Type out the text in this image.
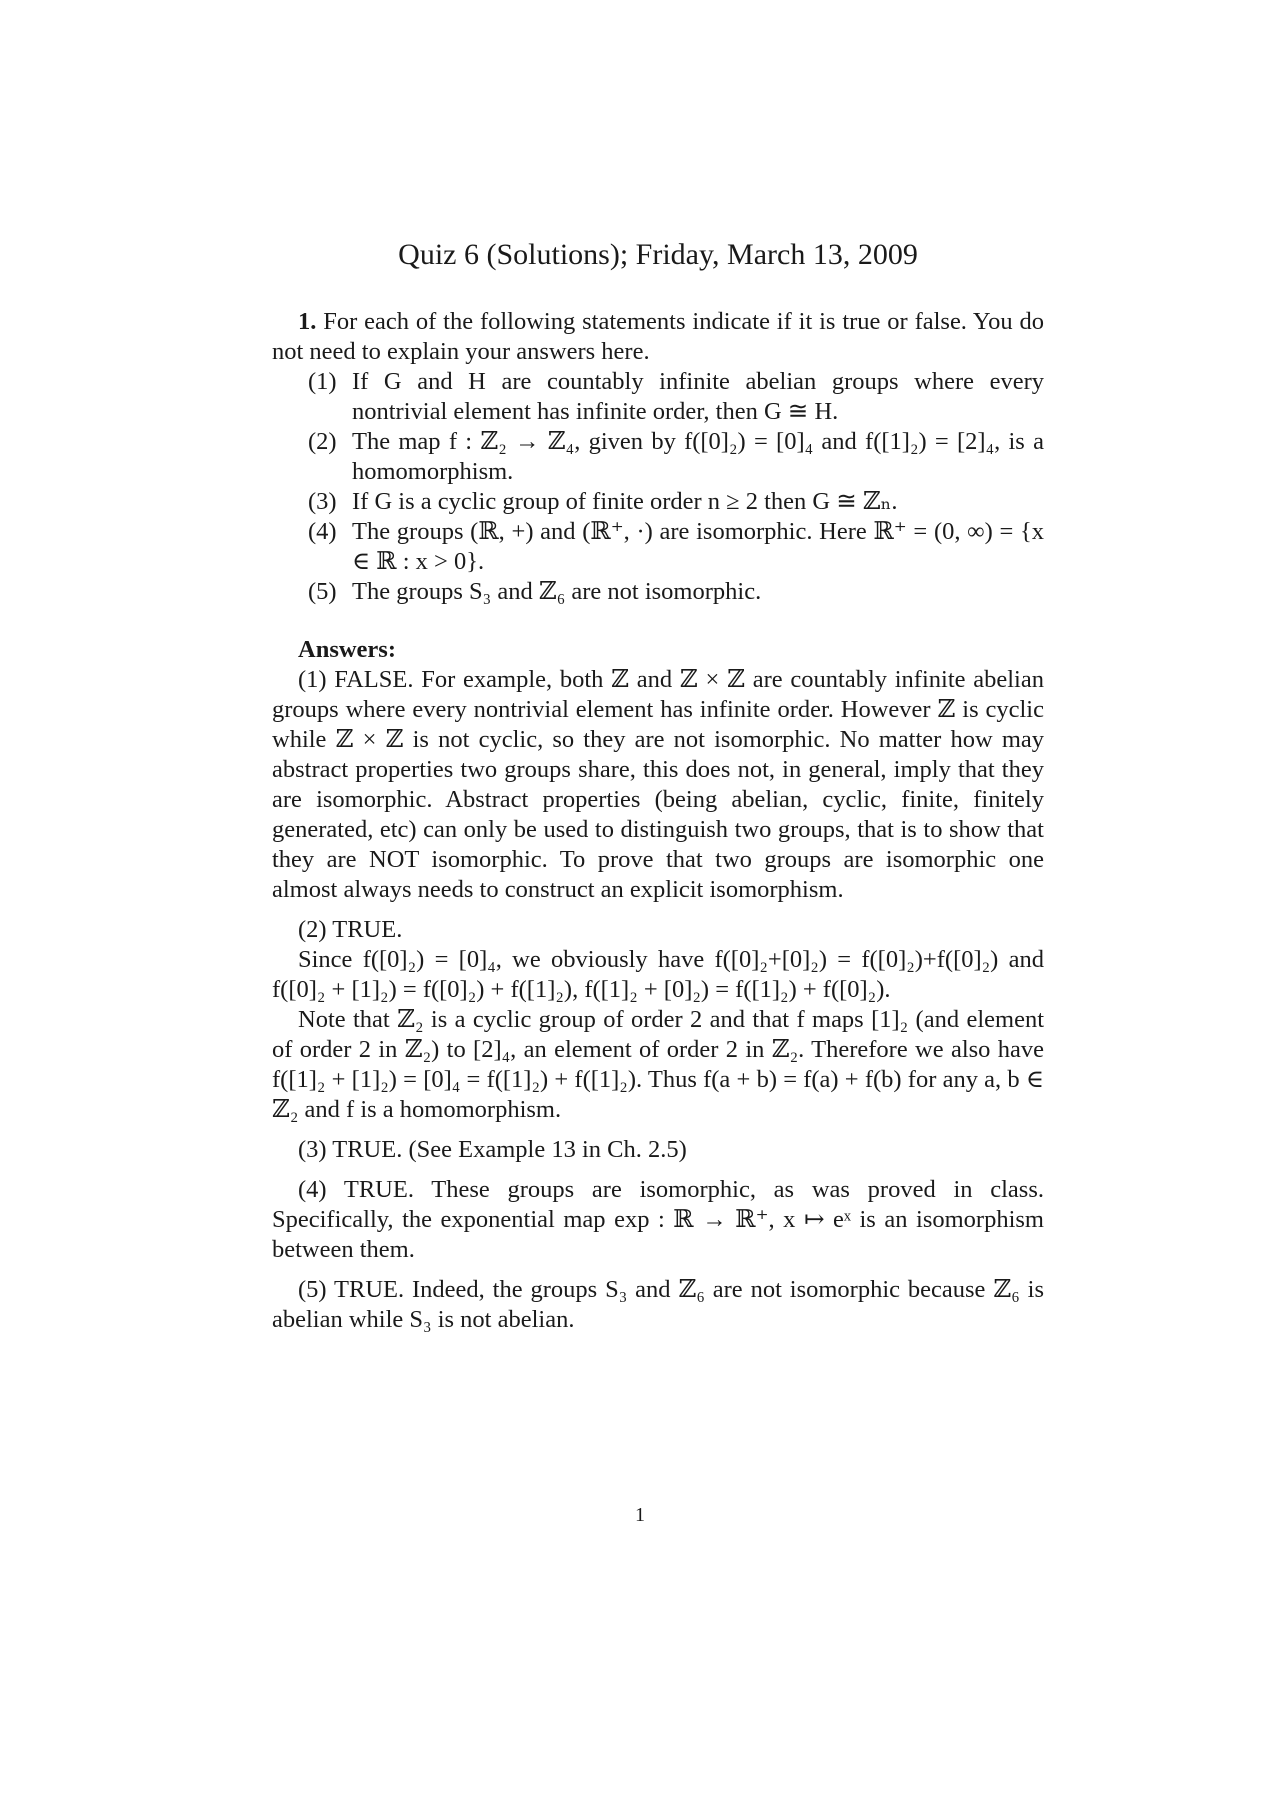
Quiz 6 (Solutions); Friday, March 13, 2009

1. For each of the following statements indicate if it is true or false. You do not need to explain your answers here.

(1) If G and H are countably infinite abelian groups where every nontrivial element has infinite order, then G ≅ H.
(2) The map f : ℤ₂ → ℤ₄, given by f([0]₂) = [0]₄ and f([1]₂) = [2]₄, is a homomorphism.
(3) If G is a cyclic group of finite order n ≥ 2 then G ≅ ℤₙ.
(4) The groups (ℝ, +) and (ℝ⁺, ·) are isomorphic. Here ℝ⁺ = (0, ∞) = {x ∈ ℝ : x > 0}.
(5) The groups S₃ and ℤ₆ are not isomorphic.
Answers:

(1) FALSE. For example, both ℤ and ℤ × ℤ are countably infinite abelian groups where every nontrivial element has infinite order. However ℤ is cyclic while ℤ × ℤ is not cyclic, so they are not isomorphic. No matter how may abstract properties two groups share, this does not, in general, imply that they are isomorphic. Abstract properties (being abelian, cyclic, finite, finitely generated, etc) can only be used to distinguish two groups, that is to show that they are NOT isomorphic. To prove that two groups are isomorphic one almost always needs to construct an explicit isomorphism.

(2) TRUE.

Since f([0]₂) = [0]₄, we obviously have f([0]₂+[0]₂) = f([0]₂)+f([0]₂) and f([0]₂ + [1]₂) = f([0]₂) + f([1]₂), f([1]₂ + [0]₂) = f([1]₂) + f([0]₂).

Note that ℤ₂ is a cyclic group of order 2 and that f maps [1]₂ (and element of order 2 in ℤ₂) to [2]₄, an element of order 2 in ℤ₂. Therefore we also have f([1]₂ + [1]₂) = [0]₄ = f([1]₂) + f([1]₂). Thus f(a + b) = f(a) + f(b) for any a, b ∈ ℤ₂ and f is a homomorphism.

(3) TRUE. (See Example 13 in Ch. 2.5)

(4) TRUE. These groups are isomorphic, as was proved in class. Specifically, the exponential map exp : ℝ → ℝ⁺, x ↦ eˣ is an isomorphism between them.

(5) TRUE. Indeed, the groups S₃ and ℤ₆ are not isomorphic because ℤ₆ is abelian while S₃ is not abelian.

1
